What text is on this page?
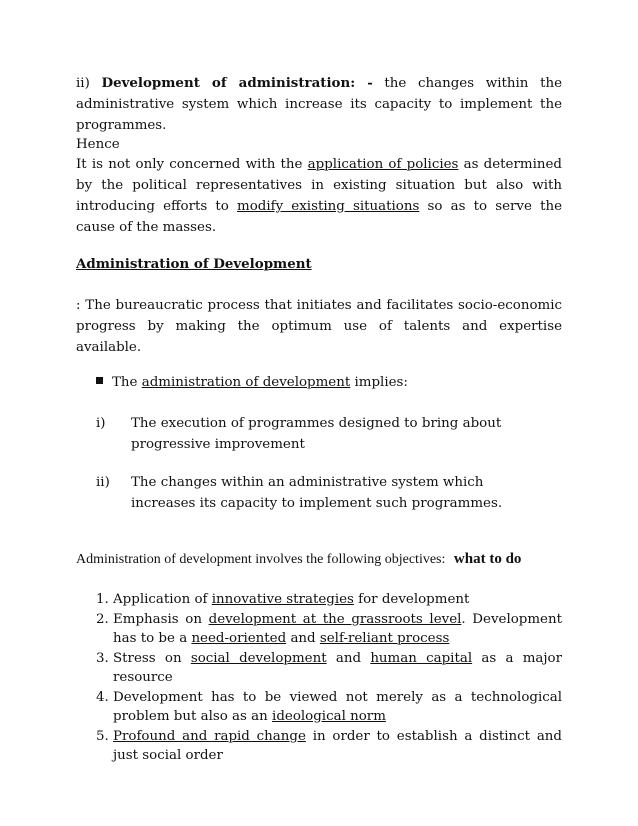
ii) Development of administration: - the changes within the administrative system which increase its capacity to implement the programmes.
Hence
It is not only concerned with the application of policies as determined by the political representatives in existing situation but also with introducing efforts to modify existing situations so as to serve the cause of the masses.
Administration of Development
: The bureaucratic process that initiates and facilitates socio-economic progress by making the optimum use of talents and expertise available.
The administration of development implies:
i) The execution of programmes designed to bring about progressive improvement
ii) The changes within an administrative system which increases its capacity to implement such programmes.
Administration of development involves the following objectives: what to do
1. Application of innovative strategies for development
2. Emphasis on development at the grassroots level. Development has to be a need-oriented and self-reliant process
3. Stress on social development and human capital as a major resource
4. Development has to be viewed not merely as a technological problem but also as an ideological norm
5. Profound and rapid change in order to establish a distinct and just social order
